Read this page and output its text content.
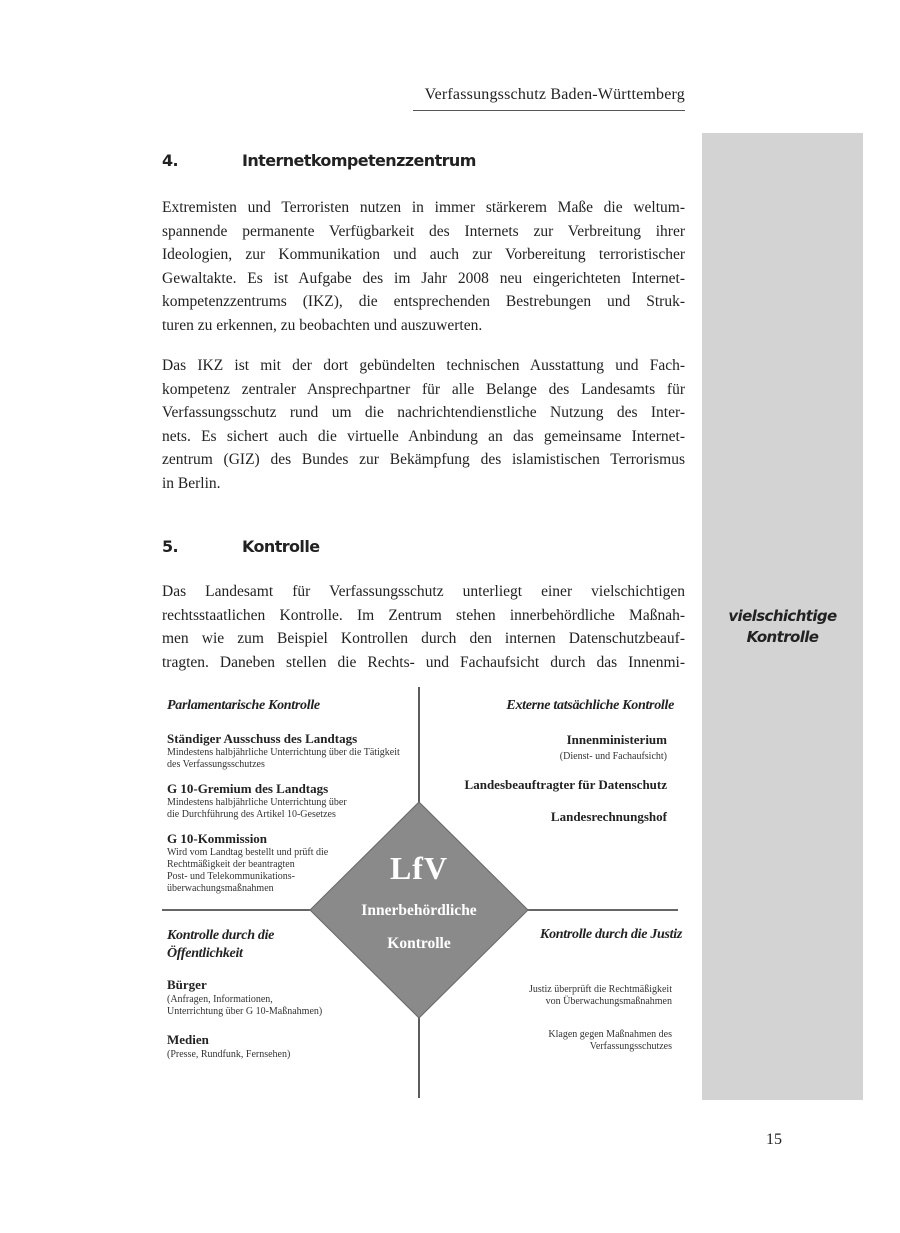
Verfassungsschutz Baden-Württemberg
vielschichtige
Kontrolle
4.	Internetkompetenzzentrum
Extremisten und Terroristen nutzen in immer stärkerem Maße die weltum-
spannende permanente Verfügbarkeit des Internets zur Verbreitung ihrer
Ideologien, zur Kommunikation und auch zur Vorbereitung terroristischer
Gewaltakte. Es ist Aufgabe des im Jahr 2008 neu eingerichteten Internet-
kompetenzzentrums (IKZ), die entsprechenden Bestrebungen und Struk-
turen zu erkennen, zu beobachten und auszuwerten.
Das IKZ ist mit der dort gebündelten technischen Ausstattung und Fach-
kompetenz zentraler Ansprechpartner für alle Belange des Landesamts für
Verfassungsschutz rund um die nachrichtendienstliche Nutzung des Inter-
nets. Es sichert auch die virtuelle Anbindung an das gemeinsame Internet-
zentrum (GIZ) des Bundes zur Bekämpfung des islamistischen Terrorismus
in Berlin.
5.	Kontrolle
Das Landesamt für Verfassungsschutz unterliegt einer vielschichtigen
rechtsstaatlichen Kontrolle. Im Zentrum stehen innerbehördliche Maßnah-
men wie zum Beispiel Kontrollen durch den internen Datenschutzbeauf-
tragten. Daneben stellen die Rechts- und Fachaufsicht durch das Innenmi-
LfV
Innerbehördliche
Kontrolle
Parlamentarische Kontrolle
Ständiger Ausschuss des Landtags
Mindestens halbjährliche Unterrichtung über die Tätigkeit
des Verfassungsschutzes
G 10-Gremium des Landtags
Mindestens halbjährliche Unterrichtung über
die Durchführung des Artikel 10-Gesetzes
G 10-Kommission
Wird vom Landtag bestellt und prüft die
Rechtmäßigkeit der beantragten
Post- und Telekommunikations-
überwachungsmaßnahmen
Externe tatsächliche Kontrolle
Innenministerium
(Dienst- und Fachaufsicht)
Landesbeauftragter für Datenschutz
Landesrechnungshof
Kontrolle durch die
Öffentlichkeit
Bürger
(Anfragen, Informationen,
Unterrichtung über G 10-Maßnahmen)
Medien
(Presse, Rundfunk, Fernsehen)
Kontrolle durch die Justiz
Justiz überprüft die Rechtmäßigkeit
von Überwachungsmaßnahmen
Klagen gegen Maßnahmen des
Verfassungsschutzes
15
